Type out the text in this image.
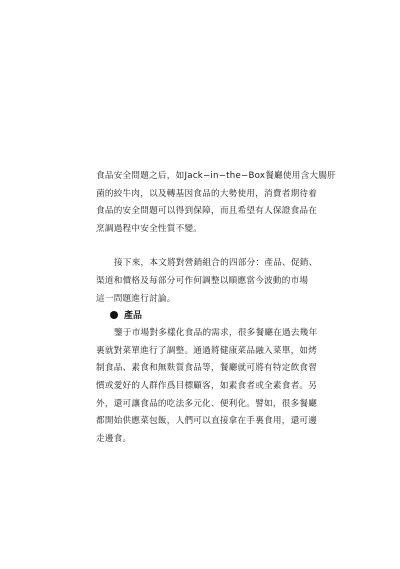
食品安全問題之后，如Jack−in−the−Box餐廳使用含大腸肝
菌的絞牛肉，以及轉基因食品的大勢使用，消費者期待着
食品的安全問題可以得到保障，而且希望有人保證食品在
烹調過程中安全性質不變。
接下來，本文將對營銷組合的四部分：產品、促銷、
渠道和價格及每部分可作何調整以順應當今波動的市場
這一問題進行討論。
產品
鑒于市場對多樣化食品的需求，很多餐廳在過去幾年
裏就對菜單進行了調整。通過將健康菜品融入菜單，如烤
制食品、素食和無麩質食品等，餐廳就可將有特定飲食習
慣或愛好的人群作爲目標顧客，如素食者或全素食者。另
外，還可讓食品的吃法多元化、便利化。譬如，很多餐廳
都開始供應菜包飯，人們可以直接拿在手裏食用，還可邊
走邊食。
